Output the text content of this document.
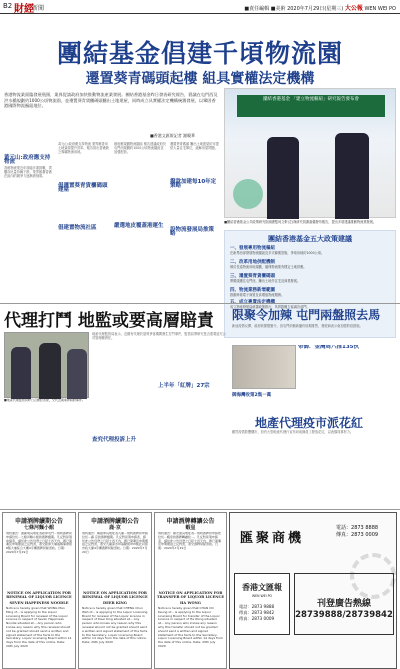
B2 財經
新聞	■責任編輯 ■美術 2020年7月29日(星期三) 大公報 WEN WEI PO
團結基金倡建千頃物流園
遷置葵青碼頭起樓 組具實權法定機構
香港物流業面臨發展瓶頸，業界促請政府加快推動物流產業發展。團結香港基金昨日發表研究報告，倡議在屯門西及洪水橋規劃約1000公頃物流園，並遷置葵青貨櫃碼頭騰出土地建屋，同時成立具實權法定機構統籌發展，以鞏固香港國際物流樞紐地位。
■香港文匯報記者 謝曉華
黃元山:政府應支持物流
香港物流業近年面臨多重挑戰，貨櫃吞吐量持續下跌，業界擔憂香港在區內的競爭力逐漸被削弱。
黃元山:政府應支持物流 業界應善用土地資源提升效率，報告指出香港缺乏專屬物流用地。
倡遷置葵青貨櫃碼頭建屋
倡建置物流社區
港府應規劃物流園區 報告建議政府於屯門西規劃約1000公頃物流園區並加強配套。
嚴選地皮覆蓋港運生
遷置葵青碼頭 騰出土地建屋約可提供大量住宅單位，緩解房屋問題。
撥款加建每10年定策略
設物流發展局推策略
團結香港基金 「建立物流樞紐」研究報告發布會
■團結香港基金公共政策研究院副總監何文軒(左)與研究員謝嘉儀發布報告，提出多項建議推動物流業發展。
團結香港基金五大政策建議
一、發展專用物流樞紐
在新界西部發展物流園區及多式聯運設施，爭取用地約1000公頃。
二、改革用地供配機制
制訂長遠物流用地規劃，確保物流業有穩定土地供應。
三、遷置葵青貨櫃碼頭
將碼頭遷往屯門西，騰出土地作住宅及商業發展。
四、物流業務新增範圍
推動跨境電子商貿及高增值物流服務。
成立物流發展局統籌政策推行，具實際權力協調各部門。
代理打鬥 地監或要高層賠責
■地產代理監管局昨日召開記者會，交代近期業界糾紛事件。
地產代理監管局表示，近期有代理於屋苑爭客期間發生打鬥事件，監管局將研究是否需要追究公司管理層責任。
上半年「紅牌」27宗
查究代理投訴上升
限聚令加辣 屯門兩盤照去馬
御海灣收第2集一萬
新冠疫情反彈，政府收緊限聚令，但屯門兩個新盤仍如期推售，發展商表示會加強防疫措施。
帝御．金灣周六推135伙
地產代理疫市派花紅
雖然疫情影響樓市，但有大型地產代理行宣布向前線員工發放花紅，以表揚同事努力。
申請酒牌續期公告
七條河麵小館
現特通告：黃麗明其地址為新界屯門...現向酒牌局申請位於...七條河麵小館的酒牌續期。凡反對是項申請者，請於此公告刊登之日起十四天內，將已簽署及申明理由之反對書，寄交新界大埔墟鄉事會街8號大埔綜合大樓4字樓酒牌局秘書收。日期：2020年7月29日
NOTICE ON APPLICATION FOR RENEWAL OF LIQUOR LICENCE
SEVEN HAPPINESS NOODLE
Notice is hereby given that WONG Man Ming of... is applying to the Liquor Licensing Board for renewal of the Liquor Licence in respect of Seven Happiness Noodle situated at... Any person who knows any reason why this renewal should not be granted should send a written and signed statement of the facts to the Secretary, Liquor Licensing Board within 14 days from the date of this notice. Date: 29th July 2020
申請酒牌續期公告
鹿·京
現特通告：鄭振華其地址為九龍...現向酒牌局申請位於...鹿·京的酒牌續期。凡反對是項申請者，請於此公告刊登之日起十四天內，將已簽署及申明理由之反對書，寄交九龍深水埗基隆街333號北河街市政大廈4字樓酒牌局秘書收。日期：2020年7月29日
NOTICE ON APPLICATION FOR RENEWAL OF LIQUOR LICENCE
DEER KING
Notice is hereby given that CHENG Chun Wah of... is applying to the Liquor Licensing Board for renewal of the Liquor Licence in respect of Deer King situated at... Any person who knows any reason why this renewal should not be granted should send a written and signed statement of the facts to the Secretary, Liquor Licensing Board within 14 days from the date of this notice. Date: 29th July 2020
申請酒牌轉讓公告
蝦皇
現特通告：陳志強其地址為...現向酒牌局申請把位於...蝦皇的酒牌轉讓給...。凡反對是項申請者，請於此公告刊登之日起十四天內，將已簽署及申明理由之反對書，寄交酒牌局秘書收。日期：2020年7月29日
NOTICE ON APPLICATION FOR TRANSFER OF LIQUOR LICENCE
HA WONG
Notice is hereby given that CHAN Chi Keung of... is applying to the Liquor Licensing Board for transfer of the Liquor Licence in respect of Ha Wong situated at... Any person who knows any reason why this transfer should not be granted should send a written and signed statement of the facts to the Secretary, Liquor Licensing Board within 14 days from the date of this notice. Date: 29th July 2020
匯聚商機
電話：2873 8888
傳真：2873 0009
香港文匯報
WEN WEI PO
電話：2873 9888
傳真：2873 9842
傳真：2873 0009
刊登廣告熱線
28739888/28739842
